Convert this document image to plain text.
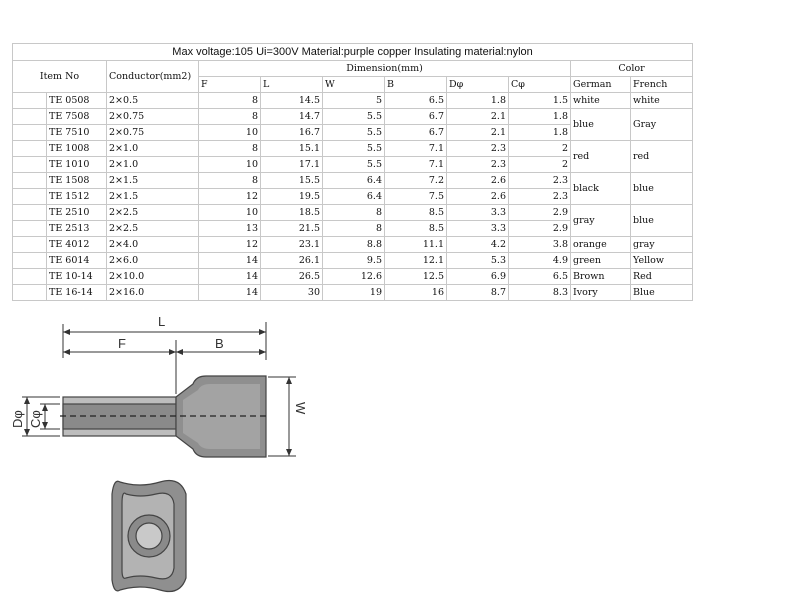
Max voltage:105 Ui=300V Material:purple copper Insulating material:nylon										
Item No		Conductor(mm2)	Dimension(mm)						Color	
			F	L	W	B	Dφ	Cφ	German	French
	TE 0508	2×0.5	8	14.5	5	6.5	1.8	1.5	white	white
	TE 7508	2×0.75	8	14.7	5.5	6.7	2.1	1.8	blue	Gray
	TE 7510	2×0.75	10	16.7	5.5	6.7	2.1	1.8		
	TE 1008	2×1.0	8	15.1	5.5	7.1	2.3	2	red	red
	TE 1010	2×1.0	10	17.1	5.5	7.1	2.3	2		
	TE 1508	2×1.5	8	15.5	6.4	7.2	2.6	2.3	black	blue
	TE 1512	2×1.5	12	19.5	6.4	7.5	2.6	2.3		
	TE 2510	2×2.5	10	18.5	8	8.5	3.3	2.9	gray	blue
	TE 2513	2×2.5	13	21.5	8	8.5	3.3	2.9		
	TE 4012	2×4.0	12	23.1	8.8	11.1	4.2	3.8	orange	gray
	TE 6014	2×6.0	14	26.1	9.5	12.1	5.3	4.9	green	Yellow
	TE 10-14	2×10.0	14	26.5	12.6	12.5	6.9	6.5	Brown	Red
	TE 16-14	2×16.0	14	30	19	16	8.7	8.3	Ivory	Blue
L
F	B
W
Dφ Cφ
